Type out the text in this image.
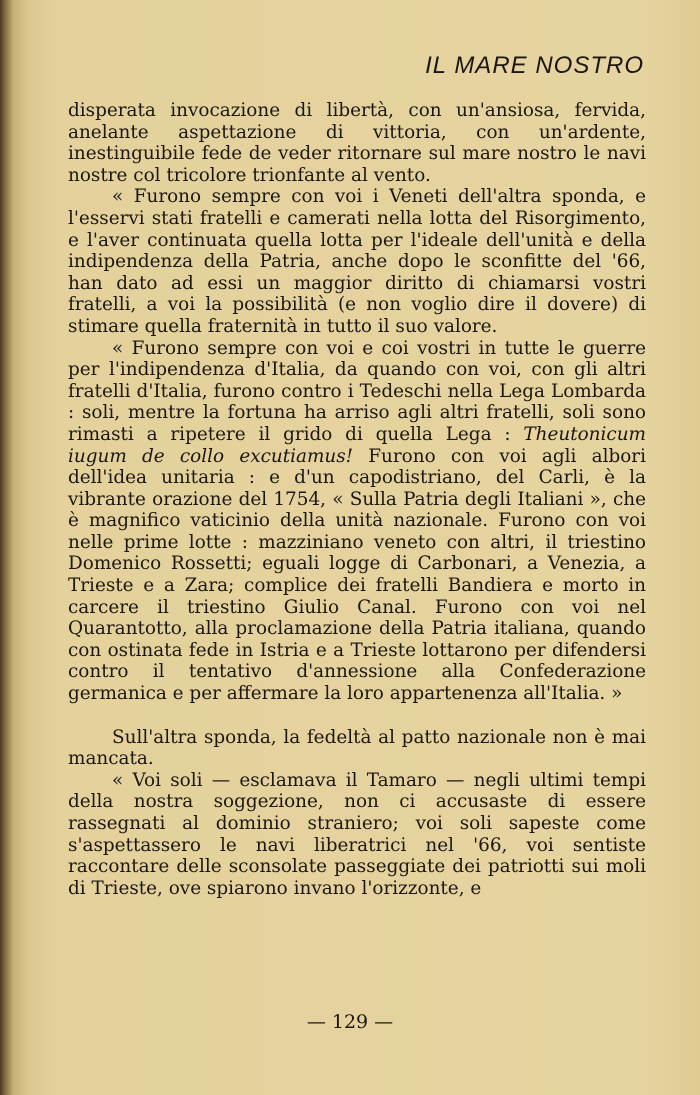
IL MARE NOSTRO

disperata invocazione di libertà, con un'ansiosa, fervida, anelante aspettazione di vittoria, con un'ardente, inestinguibile fede de veder ritornare sul mare nostro le navi nostre col tricolore trionfante al vento.

« Furono sempre con voi i Veneti dell'altra sponda, e l'esservi stati fratelli e camerati nella lotta del Risorgimento, e l'aver continuata quella lotta per l'ideale dell'unità e della indipendenza della Patria, anche dopo le sconfitte del '66, han dato ad essi un maggior diritto di chiamarsi vostri fratelli, a voi la possibilità (e non voglio dire il dovere) di stimare quella fraternità in tutto il suo valore.

« Furono sempre con voi e coi vostri in tutte le guerre per l'indipendenza d'Italia, da quando con voi, con gli altri fratelli d'Italia, furono contro i Tedeschi nella Lega Lombarda : soli, mentre la fortuna ha arriso agli altri fratelli, soli sono rimasti a ripetere il grido di quella Lega : Theutonicum iugum de collo excutiamus! Furono con voi agli albori dell'idea unitaria : e d'un capodistriano, del Carli, è la vibrante orazione del 1754, « Sulla Patria degli Italiani », che è magnifico vaticinio della unità nazionale. Furono con voi nelle prime lotte : mazziniano veneto con altri, il triestino Domenico Rossetti; eguali logge di Carbonari, a Venezia, a Trieste e a Zara; complice dei fratelli Bandiera e morto in carcere il triestino Giulio Canal. Furono con voi nel Quarantotto, alla proclamazione della Patria italiana, quando con ostinata fede in Istria e a Trieste lottarono per difendersi contro il tentativo d'annessione alla Confederazione germanica e per affermare la loro appartenenza all'Italia. »

Sull'altra sponda, la fedeltà al patto nazionale non è mai mancata.

« Voi soli — esclamava il Tamaro — negli ultimi tempi della nostra soggezione, non ci accusaste di essere rassegnati al dominio straniero; voi soli sapeste come s'aspettassero le navi liberatrici nel '66, voi sentiste raccontare delle sconsolate passeggiate dei patriotti sui moli di Trieste, ove spiarono invano l'orizzonte, e

— 129 —
